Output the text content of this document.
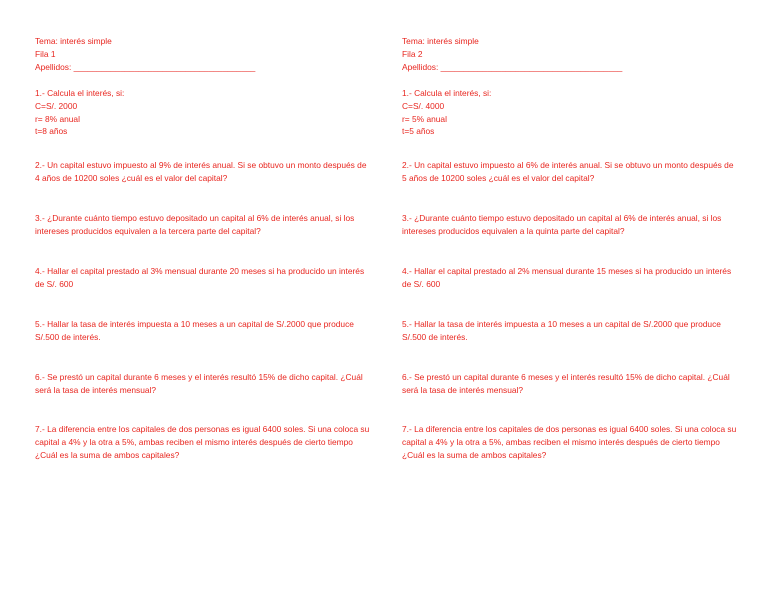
Tema: interés simple

Fila 1

Apellidos: _______________________________________

1.- Calcula el interés, si:

C=S/. 2000

r= 8% anual

t=8 años

2.- Un capital estuvo impuesto al 9% de interés anual. Si se obtuvo un monto después de 4 años de 10200 soles ¿cuál es el valor del capital?

3.- ¿Durante cuánto tiempo estuvo depositado un capital al 6% de interés anual, si los intereses producidos equivalen a la tercera parte del capital?

4.- Hallar el capital prestado al 3% mensual durante 20 meses si ha producido un interés de S/. 600

5.- Hallar la tasa de interés impuesta a 10 meses a un capital de S/.2000 que produce S/.500 de interés.

6.- Se prestó un capital durante 6 meses y el interés resultó 15% de dicho capital. ¿Cuál será la tasa de interés mensual?

7.- La diferencia entre los capitales de dos personas es igual 6400 soles. Si una coloca su capital a 4% y la otra a 5%, ambas reciben el mismo interés después de cierto tiempo ¿Cuál es la suma de ambos capitales?

Tema: interés simple

Fila 2

Apellidos: _______________________________________

1.- Calcula el interés, si:

C=S/. 4000

r= 5% anual

t=5 años

2.- Un capital estuvo impuesto al 6% de interés anual. Si se obtuvo un monto después de 5 años de 10200 soles ¿cuál es el valor del capital?

3.- ¿Durante cuánto tiempo estuvo depositado un capital al 6% de interés anual, si los intereses producidos equivalen a la quinta parte del capital?

4.- Hallar el capital prestado al 2% mensual durante 15 meses si ha producido un interés de S/. 600

5.- Hallar la tasa de interés impuesta a 10 meses a un capital de S/.2000 que produce S/.500 de interés.

6.- Se prestó un capital durante 6 meses y el interés resultó 15% de dicho capital. ¿Cuál será la tasa de interés mensual?

7.- La diferencia entre los capitales de dos personas es igual 6400 soles. Si una coloca su capital a 4% y la otra a 5%, ambas reciben el mismo interés después de cierto tiempo ¿Cuál es la suma de ambos capitales?
